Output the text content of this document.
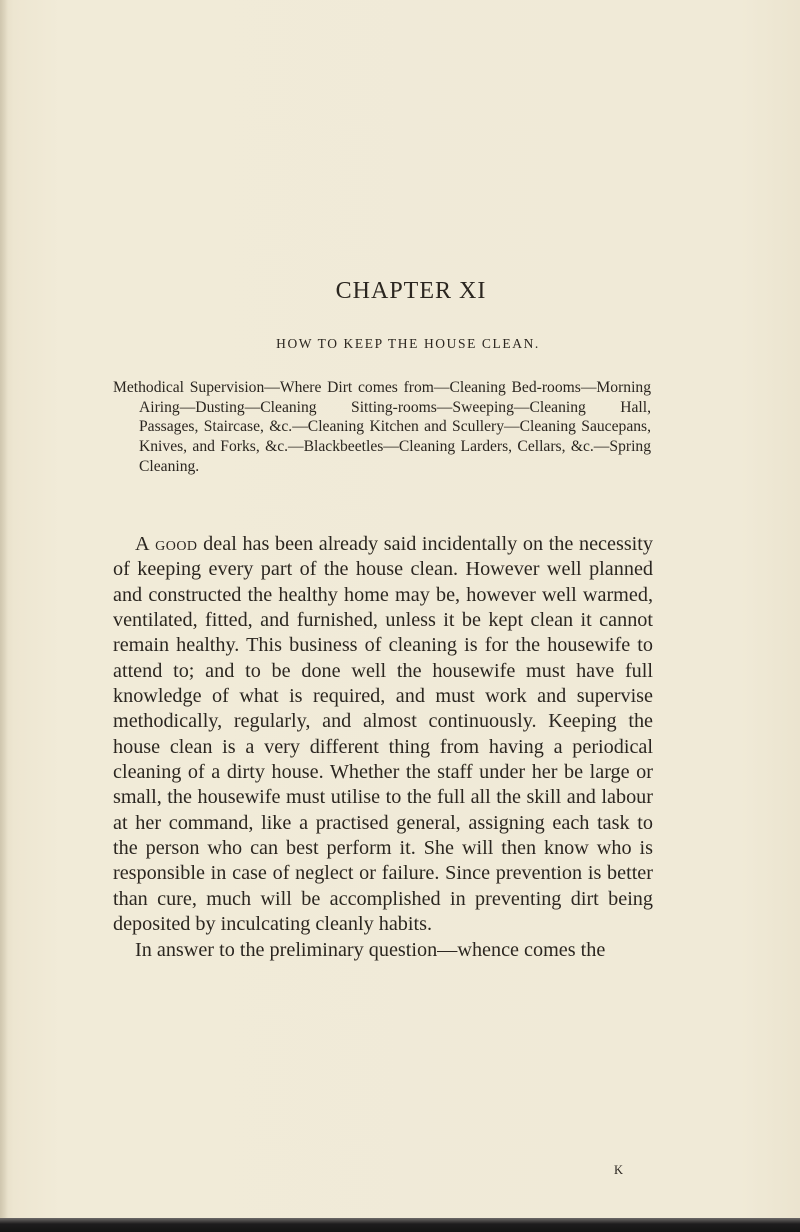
CHAPTER XI
HOW TO KEEP THE HOUSE CLEAN.
Methodical Supervision—Where Dirt comes from—Cleaning Bed-rooms—Morning Airing—Dusting—Cleaning Sitting-rooms—Sweeping—Cleaning Hall, Passages, Staircase, &c.—Cleaning Kitchen and Scullery—Cleaning Saucepans, Knives, and Forks, &c.—Blackbeetles—Cleaning Larders, Cellars, &c.—Spring Cleaning.

A good deal has been already said incidentally on the necessity of keeping every part of the house clean. However well planned and constructed the healthy home may be, however well warmed, ventilated, fitted, and furnished, unless it be kept clean it cannot remain healthy. This business of cleaning is for the housewife to attend to; and to be done well the housewife must have full knowledge of what is required, and must work and supervise methodically, regularly, and almost continuously. Keeping the house clean is a very different thing from having a periodical cleaning of a dirty house. Whether the staff under her be large or small, the housewife must utilise to the full all the skill and labour at her command, like a practised general, assigning each task to the person who can best perform it. She will then know who is responsible in case of neglect or failure. Since prevention is better than cure, much will be accomplished in preventing dirt being deposited by inculcating cleanly habits.

In answer to the preliminary question—whence comes the

K
